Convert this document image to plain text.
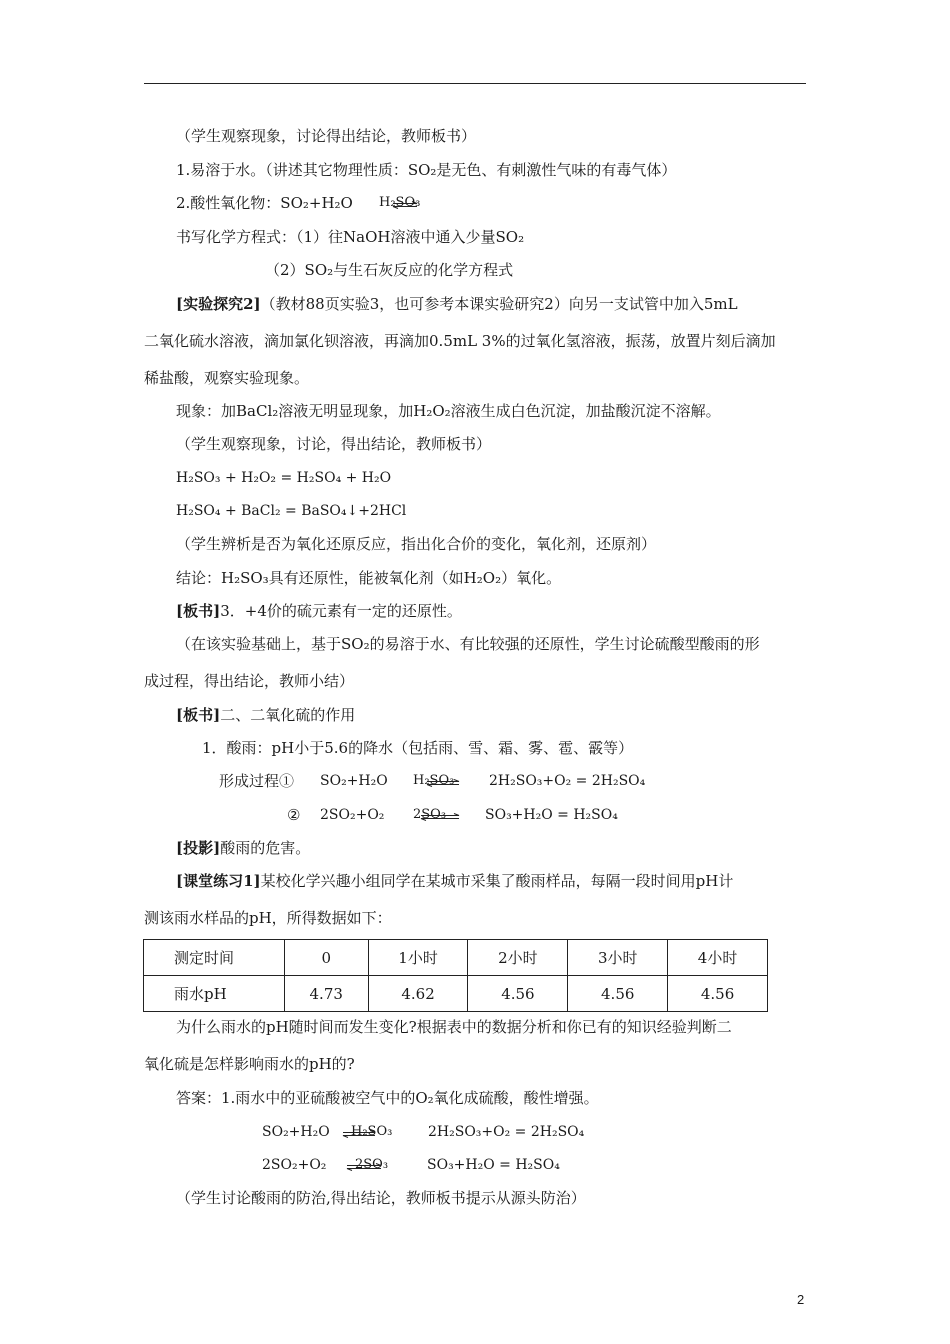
（学生观察现象，讨论得出结论，教师板书）
1.易溶于水。（讲述其它物理性质：SO₂是无色、有刺激性气味的有毒气体）
2.酸性氧化物：SO₂+H₂O H₂SO₃
书写化学方程式：（1）往NaOH溶液中通入少量SO₂
（2）SO₂与生石灰反应的化学方程式
[实验探究2]（教材88页实验3，也可参考本课实验研究2）向另一支试管中加入5mL
二氧化硫水溶液，滴加氯化钡溶液，再滴加0.5mL 3%的过氧化氢溶液，振荡，放置片刻后滴加
稀盐酸，观察实验现象。
现象：加BaCl₂溶液无明显现象，加H₂O₂溶液生成白色沉淀，加盐酸沉淀不溶解。
（学生观察现象，讨论，得出结论，教师板书）
H₂SO₃ + H₂O₂ = H₂SO₄ + H₂O
H₂SO₄ + BaCl₂ = BaSO₄↓+2HCl
（学生辨析是否为氧化还原反应，指出化合价的变化，氧化剂，还原剂）
结论：H₂SO₃具有还原性，能被氧化剂（如H₂O₂）氧化。
[板书]3．+4价的硫元素有一定的还原性。
（在该实验基础上，基于SO₂的易溶于水、有比较强的还原性，学生讨论硫酸型酸雨的形
成过程，得出结论，教师小结）
[板书]二、二氧化硫的作用
1．酸雨：pH小于5.6的降水（包括雨、雪、霜、雾、雹、霰等）
形成过程① SO₂+H₂O H₂SO₃ 2H₂SO₃+O₂ = 2H₂SO₄
② 2SO₂+O₂ 2SO₃	SO₃+H₂O = H₂SO₄
[投影]酸雨的危害。
[课堂练习1]某校化学兴趣小组同学在某城市采集了酸雨样品，每隔一段时间用pH计
测该雨水样品的pH，所得数据如下：
测定时间	0	1小时	2小时	3小时	4小时
雨水pH	4.73	4.62	4.56	4.56	4.56
为什么雨水的pH随时间而发生变化?根据表中的数据分析和你已有的知识经验判断二
氧化硫是怎样影响雨水的pH的?
答案：1.雨水中的亚硫酸被空气中的O₂氧化成硫酸，酸性增强。
SO₂+H₂O H₂SO₃	2H₂SO₃+O₂ = 2H₂SO₄
2SO₂+O₂ 2SO₃	SO₃+H₂O = H₂SO₄
（学生讨论酸雨的防治,得出结论，教师板书提示从源头防治）
2
